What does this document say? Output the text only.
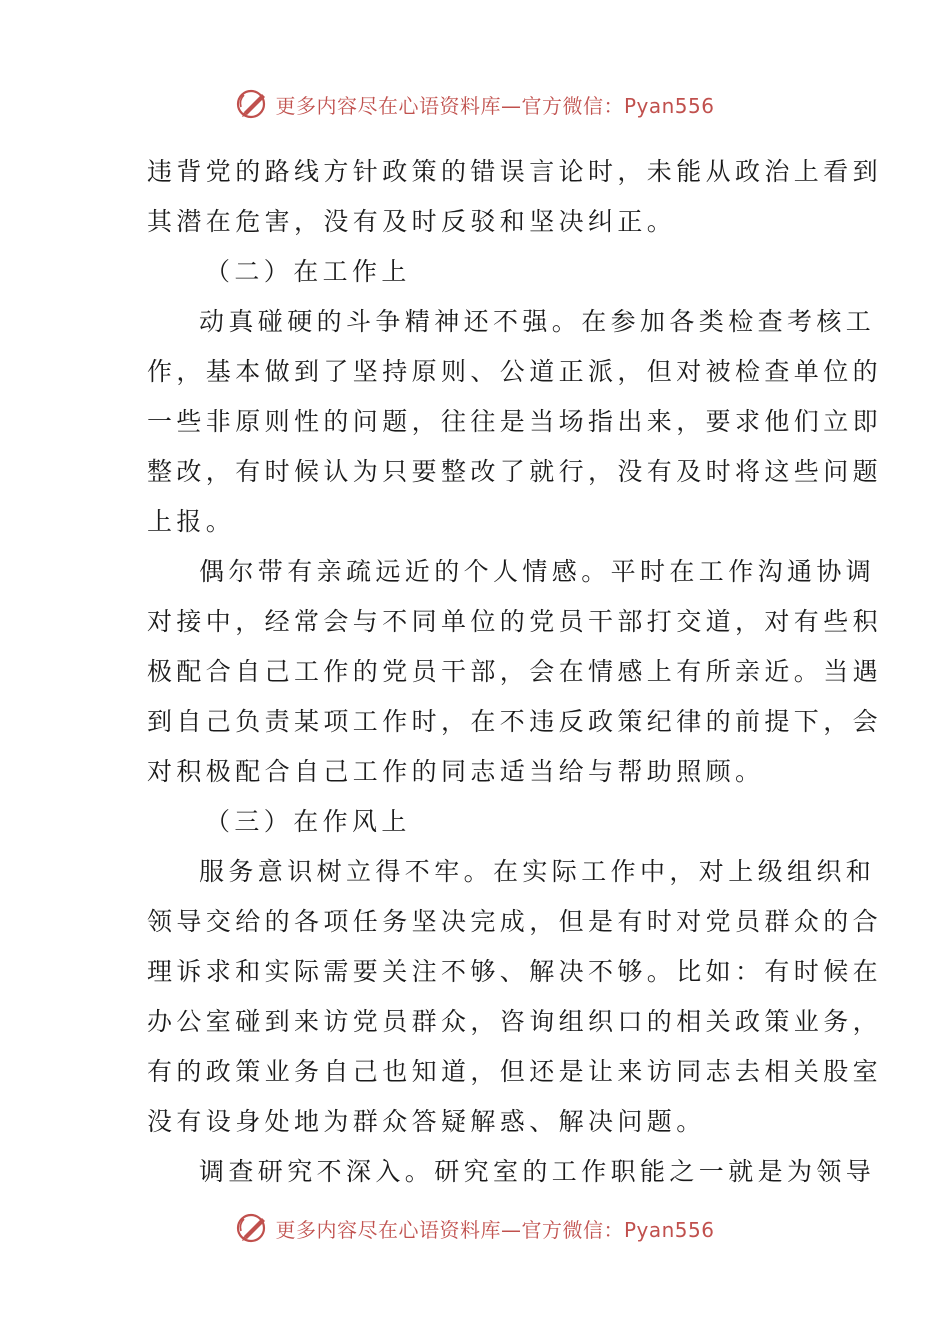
更多内容尽在心语资料库—官方微信：Pyan556
违背党的路线方针政策的错误言论时，未能从政治上看到
其潜在危害，没有及时反驳和坚决纠正。
（二）在工作上
动真碰硬的斗争精神还不强。在参加各类检查考核工
作，基本做到了坚持原则、公道正派，但对被检查单位的
一些非原则性的问题，往往是当场指出来，要求他们立即
整改，有时候认为只要整改了就行，没有及时将这些问题
上报。
偶尔带有亲疏远近的个人情感。平时在工作沟通协调
对接中，经常会与不同单位的党员干部打交道，对有些积
极配合自己工作的党员干部，会在情感上有所亲近。当遇
到自己负责某项工作时，在不违反政策纪律的前提下，会
对积极配合自己工作的同志适当给与帮助照顾。
（三）在作风上
服务意识树立得不牢。在实际工作中，对上级组织和
领导交给的各项任务坚决完成，但是有时对党员群众的合
理诉求和实际需要关注不够、解决不够。比如：有时候在
办公室碰到来访党员群众，咨询组织口的相关政策业务，
有的政策业务自己也知道，但还是让来访同志去相关股室
没有设身处地为群众答疑解惑、解决问题。
调查研究不深入。研究室的工作职能之一就是为领导
更多内容尽在心语资料库—官方微信：Pyan556
